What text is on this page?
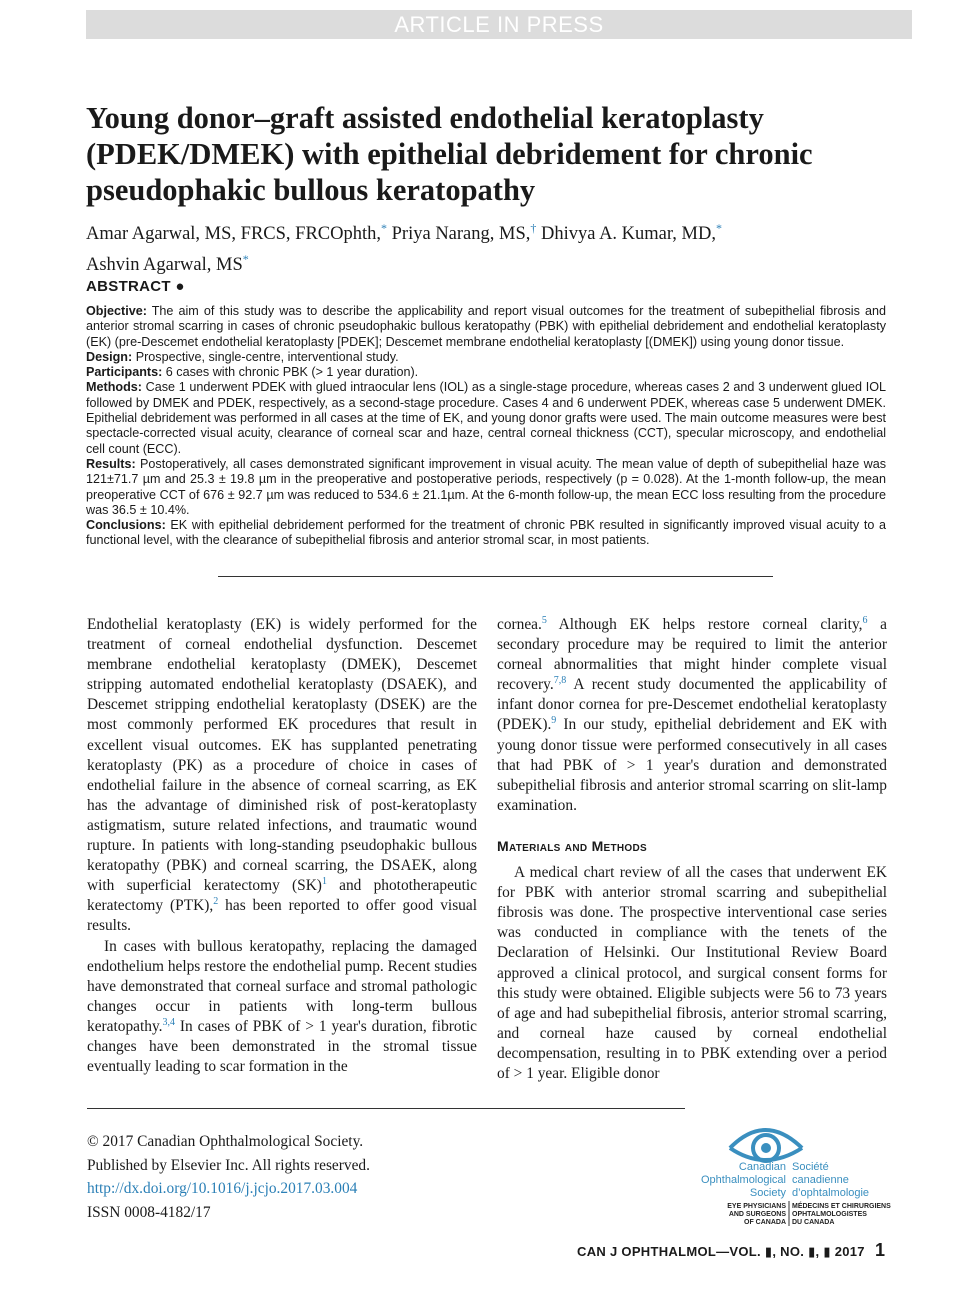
ARTICLE IN PRESS
Young donor–graft assisted endothelial keratoplasty (PDEK/DMEK) with epithelial debridement for chronic pseudophakic bullous keratopathy
Amar Agarwal, MS, FRCS, FRCOphth,* Priya Narang, MS,† Dhivya A. Kumar, MD,*
Ashvin Agarwal, MS*
ABSTRACT ●

Objective: The aim of this study was to describe the applicability and report visual outcomes for the treatment of subepithelial fibrosis and anterior stromal scarring in cases of chronic pseudophakic bullous keratopathy (PBK) with epithelial debridement and endothelial keratoplasty (EK) (pre-Descemet endothelial keratoplasty [PDEK]; Descemet membrane endothelial keratoplasty [(DMEK]) using young donor tissue.

Design: Prospective, single-centre, interventional study.

Participants: 6 cases with chronic PBK (> 1 year duration).

Methods: Case 1 underwent PDEK with glued intraocular lens (IOL) as a single-stage procedure, whereas cases 2 and 3 underwent glued IOL followed by DMEK and PDEK, respectively, as a second-stage procedure. Cases 4 and 6 underwent PDEK, whereas case 5 underwent DMEK. Epithelial debridement was performed in all cases at the time of EK, and young donor grafts were used. The main outcome measures were best spectacle-corrected visual acuity, clearance of corneal scar and haze, central corneal thickness (CCT), specular microscopy, and endothelial cell count (ECC).

Results: Postoperatively, all cases demonstrated significant improvement in visual acuity. The mean value of depth of subepithelial haze was 121±71.7 µm and 25.3 ± 19.8 µm in the preoperative and postoperative periods, respectively (p = 0.028). At the 1-month follow-up, the mean preoperative CCT of 676 ± 92.7 µm was reduced to 534.6 ± 21.1µm. At the 6-month follow-up, the mean ECC loss resulting from the procedure was 36.5 ± 10.4%.

Conclusions: EK with epithelial debridement performed for the treatment of chronic PBK resulted in significantly improved visual acuity to a functional level, with the clearance of subepithelial fibrosis and anterior stromal scar, in most patients.

Endothelial keratoplasty (EK) is widely performed for the treatment of corneal endothelial dysfunction. Descemet membrane endothelial keratoplasty (DMEK), Descemet stripping automated endothelial keratoplasty (DSAEK), and Descemet stripping endothelial keratoplasty (DSEK) are the most commonly performed EK procedures that result in excellent visual outcomes. EK has supplanted penetrating keratoplasty (PK) as a procedure of choice in cases of endothelial failure in the absence of corneal scarring, as EK has the advantage of diminished risk of post-keratoplasty astigmatism, suture related infections, and traumatic wound rupture. In patients with long-standing pseudophakic bullous keratopathy (PBK) and corneal scarring, the DSAEK, along with superficial keratectomy (SK)$^1$ and phototherapeutic keratectomy (PTK),$^2$ has been reported to offer good visual results.

In cases with bullous keratopathy, replacing the damaged endothelium helps restore the endothelial pump. Recent studies have demonstrated that corneal surface and stromal pathologic changes occur in patients with long-term bullous keratopathy.$^{3,4}$ In cases of PBK of > 1 year's duration, fibrotic changes have been demonstrated in the stromal tissue eventually leading to scar formation in the

cornea.$^5$ Although EK helps restore corneal clarity,$^6$ a secondary procedure may be required to limit the anterior corneal abnormalities that might hinder complete visual recovery.$^{7,8}$ A recent study documented the applicability of infant donor cornea for pre-Descemet endothelial keratoplasty (PDEK).$^9$ In our study, epithelial debridement and EK with young donor tissue were performed consecutively in all cases that had PBK of > 1 year's duration and demonstrated subepithelial fibrosis and anterior stromal scarring on slit-lamp examination.

Materials and Methods

A medical chart review of all the cases that underwent EK for PBK with anterior stromal scarring and subepithelial fibrosis was done. The prospective interventional case series was conducted in compliance with the tenets of the Declaration of Helsinki. Our Institutional Review Board approved a clinical protocol, and surgical consent forms for this study were obtained. Eligible subjects were 56 to 73 years of age and had subepithelial fibrosis, anterior stromal scarring, and corneal haze caused by corneal endothelial decompensation, resulting in to PBK extending over a period of > 1 year. Eligible donor

© 2017 Canadian Ophthalmological Society.
Published by Elsevier Inc. All rights reserved.
http://dx.doi.org/10.1016/j.jcjo.2017.03.004
ISSN 0008-4182/17
Canadian
Ophthalmological
Society
Société
canadienne
d’ophtalmologie
EYE PHYSICIANS
AND SURGEONS
OF CANADA
MÉDECINS ET CHIRURGIENS
OPHTALMOLOGISTES
DU CANADA
CAN J OPHTHALMOL—VOL. ▮, NO. ▮, ▮ 2017 1
